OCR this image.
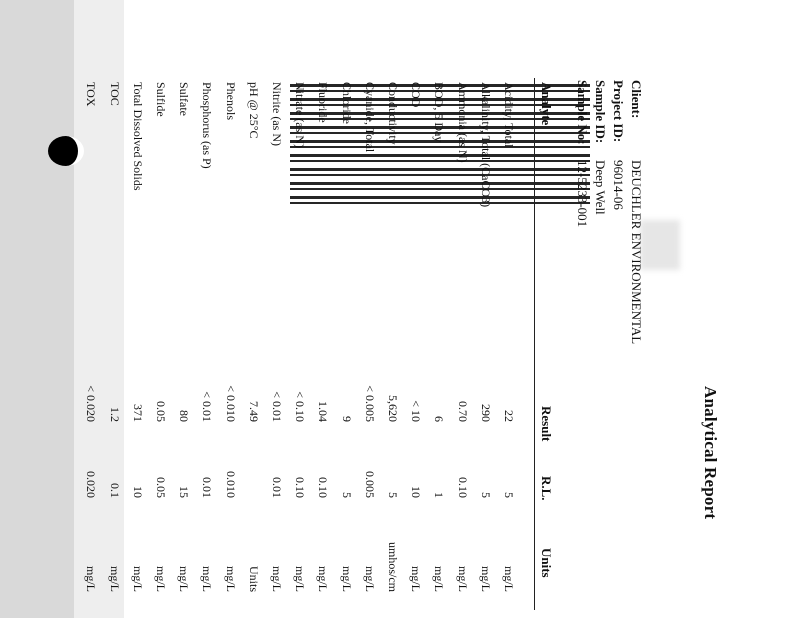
Analytical Report
Client:
DEUCHLER ENVIRONMENTAL
Project ID:
96014-06
Sample ID:
Deep Well
Sample No:
12-5233-001
Analyte
Result
R.L.
Units
Acidity, Total
22
5
mg/L
Alkalinity, Total (CaCO3)
290
5
mg/L
Ammonia (as N)
0.70
0.10
mg/L
BOD, 5 Day
6
1
mg/L
COD
< 10
10
mg/L
Conductivity
5,620
5
umhos/cm
Cyanide, Total
< 0.005
0.005
mg/L
Chloride
9
5
mg/L
Fluoride
1.04
0.10
mg/L
Nitrate (as N)
< 0.10
0.10
mg/L
Nitrite (as N)
< 0.01
0.01
mg/L
pH @ 25°C
7.49
Units
Phenols
< 0.010
0.010
mg/L
Phosphorus (as P)
< 0.01
0.01
mg/L
Sulfate
80
15
mg/L
Sulfide
0.05
0.05
mg/L
Total Dissolved Solids
371
10
mg/L
TOC
1.2
0.1
mg/L
TOX
< 0.020
0.020
mg/L
